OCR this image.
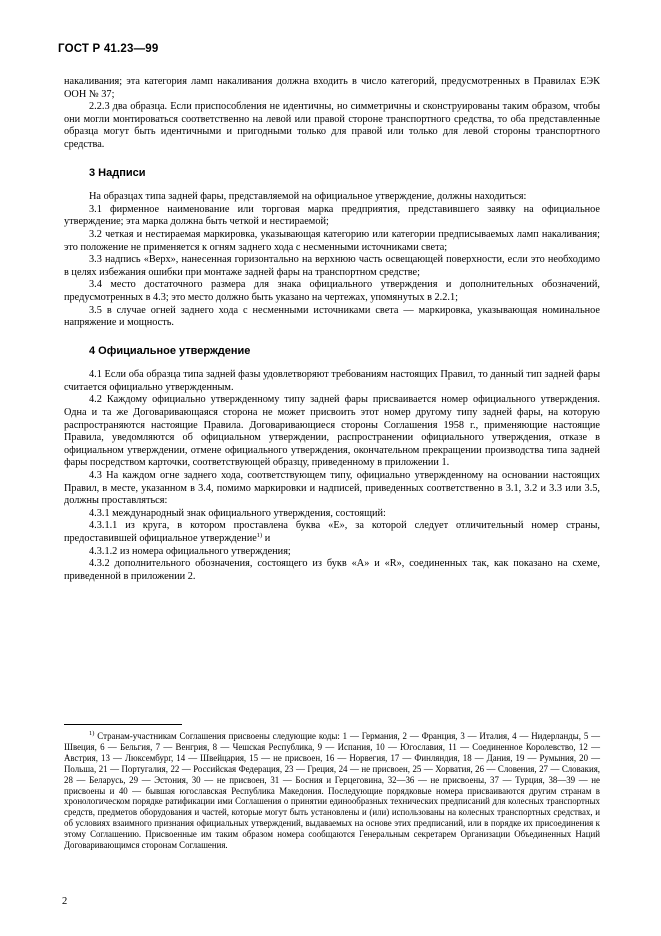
ГОСТ Р 41.23—99

накаливания; эта категория ламп накаливания должна входить в число категорий, предусмотренных в Правилах ЕЭК ООН № 37;

2.2.3 два образца. Если приспособления не идентичны, но симметричны и сконструированы таким образом, чтобы они могли монтироваться соответственно на левой или правой стороне транспортного средства, то оба представленные образца могут быть идентичными и пригодными только для правой или только для левой стороны транспортного средства.

3 Надписи

На образцах типа задней фары, представляемой на официальное утверждение, должны находиться:

3.1 фирменное наименование или торговая марка предприятия, представившего заявку на официальное утверждение; эта марка должна быть четкой и нестираемой;

3.2 четкая и нестираемая маркировка, указывающая категорию или категории предписываемых ламп накаливания; это положение не применяется к огням заднего хода с несменными источниками света;

3.3 надпись «Верх», нанесенная горизонтально на верхнюю часть освещающей поверхности, если это необходимо в целях избежания ошибки при монтаже задней фары на транспортном средстве;

3.4 место достаточного размера для знака официального утверждения и дополнительных обозначений, предусмотренных в 4.3; это место должно быть указано на чертежах, упомянутых в 2.2.1;

3.5 в случае огней заднего хода с несменными источниками света — маркировка, указывающая номинальное напряжение и мощность.

4 Официальное утверждение

4.1 Если оба образца типа задней фазы удовлетворяют требованиям настоящих Правил, то данный тип задней фары считается официально утвержденным.

4.2 Каждому официально утвержденному типу задней фары присваивается номер официального утверждения. Одна и та же Договаривающаяся сторона не может присвоить этот номер другому типу задней фары, на которую распространяются настоящие Правила. Договаривающиеся стороны Соглашения 1958 г., применяющие настоящие Правила, уведомляются об официальном утверждении, распространении официального утверждения, отказе в официальном утверждении, отмене официального утверждения, окончательном прекращении производства типа задней фары посредством карточки, соответствующей образцу, приведенному в приложении 1.

4.3 На каждом огне заднего хода, соответствующем типу, официально утвержденному на основании настоящих Правил, в месте, указанном в 3.4, помимо маркировки и надписей, приведенных соответственно в 3.1, 3.2 и 3.3 или 3.5, должны проставляться:

4.3.1 международный знак официального утверждения, состоящий:

4.3.1.1 из круга, в котором проставлена буква «Е», за которой следует отличительный номер страны, предоставившей официальное утверждение$^{1)}$ и

4.3.1.2 из номера официального утверждения;

4.3.2 дополнительного обозначения, состоящего из букв «А» и «R», соединенных так, как показано на схеме, приведенной в приложении 2.

$^{1)}$ Странам-участникам Соглашения присвоены следующие коды: 1 — Германия, 2 — Франция, 3 — Италия, 4 — Нидерланды, 5 — Швеция, 6 — Бельгия, 7 — Венгрия, 8 — Чешская Республика, 9 — Испания, 10 — Югославия, 11 — Соединенное Королевство, 12 — Австрия, 13 — Люксембург, 14 — Швейцария, 15 — не присвоен, 16 — Норвегия, 17 — Финляндия, 18 — Дания, 19 — Румыния, 20 — Польша, 21 — Португалия, 22 — Российская Федерация, 23 — Греция, 24 — не присвоен, 25 — Хорватия, 26 — Словения, 27 — Словакия, 28 — Беларусь, 29 — Эстония, 30 — не присвоен, 31 — Босния и Герцеговина, 32—36 — не присвоены, 37 — Турция, 38—39 — не присвоены и 40 — бывшая югославская Республика Македония. Последующие порядковые номера присваиваются другим странам в хронологическом порядке ратификации ими Соглашения о принятии единообразных технических предписаний для колесных транспортных средств, предметов оборудования и частей, которые могут быть установлены и (или) использованы на колесных транспортных средствах, и об условиях взаимного признания официальных утверждений, выдаваемых на основе этих предписаний, или в порядке их присоединения к этому Соглашению. Присвоенные им таким образом номера сообщаются Генеральным секретарем Организации Объединенных Наций Договаривающимся сторонам Соглашения.

2
